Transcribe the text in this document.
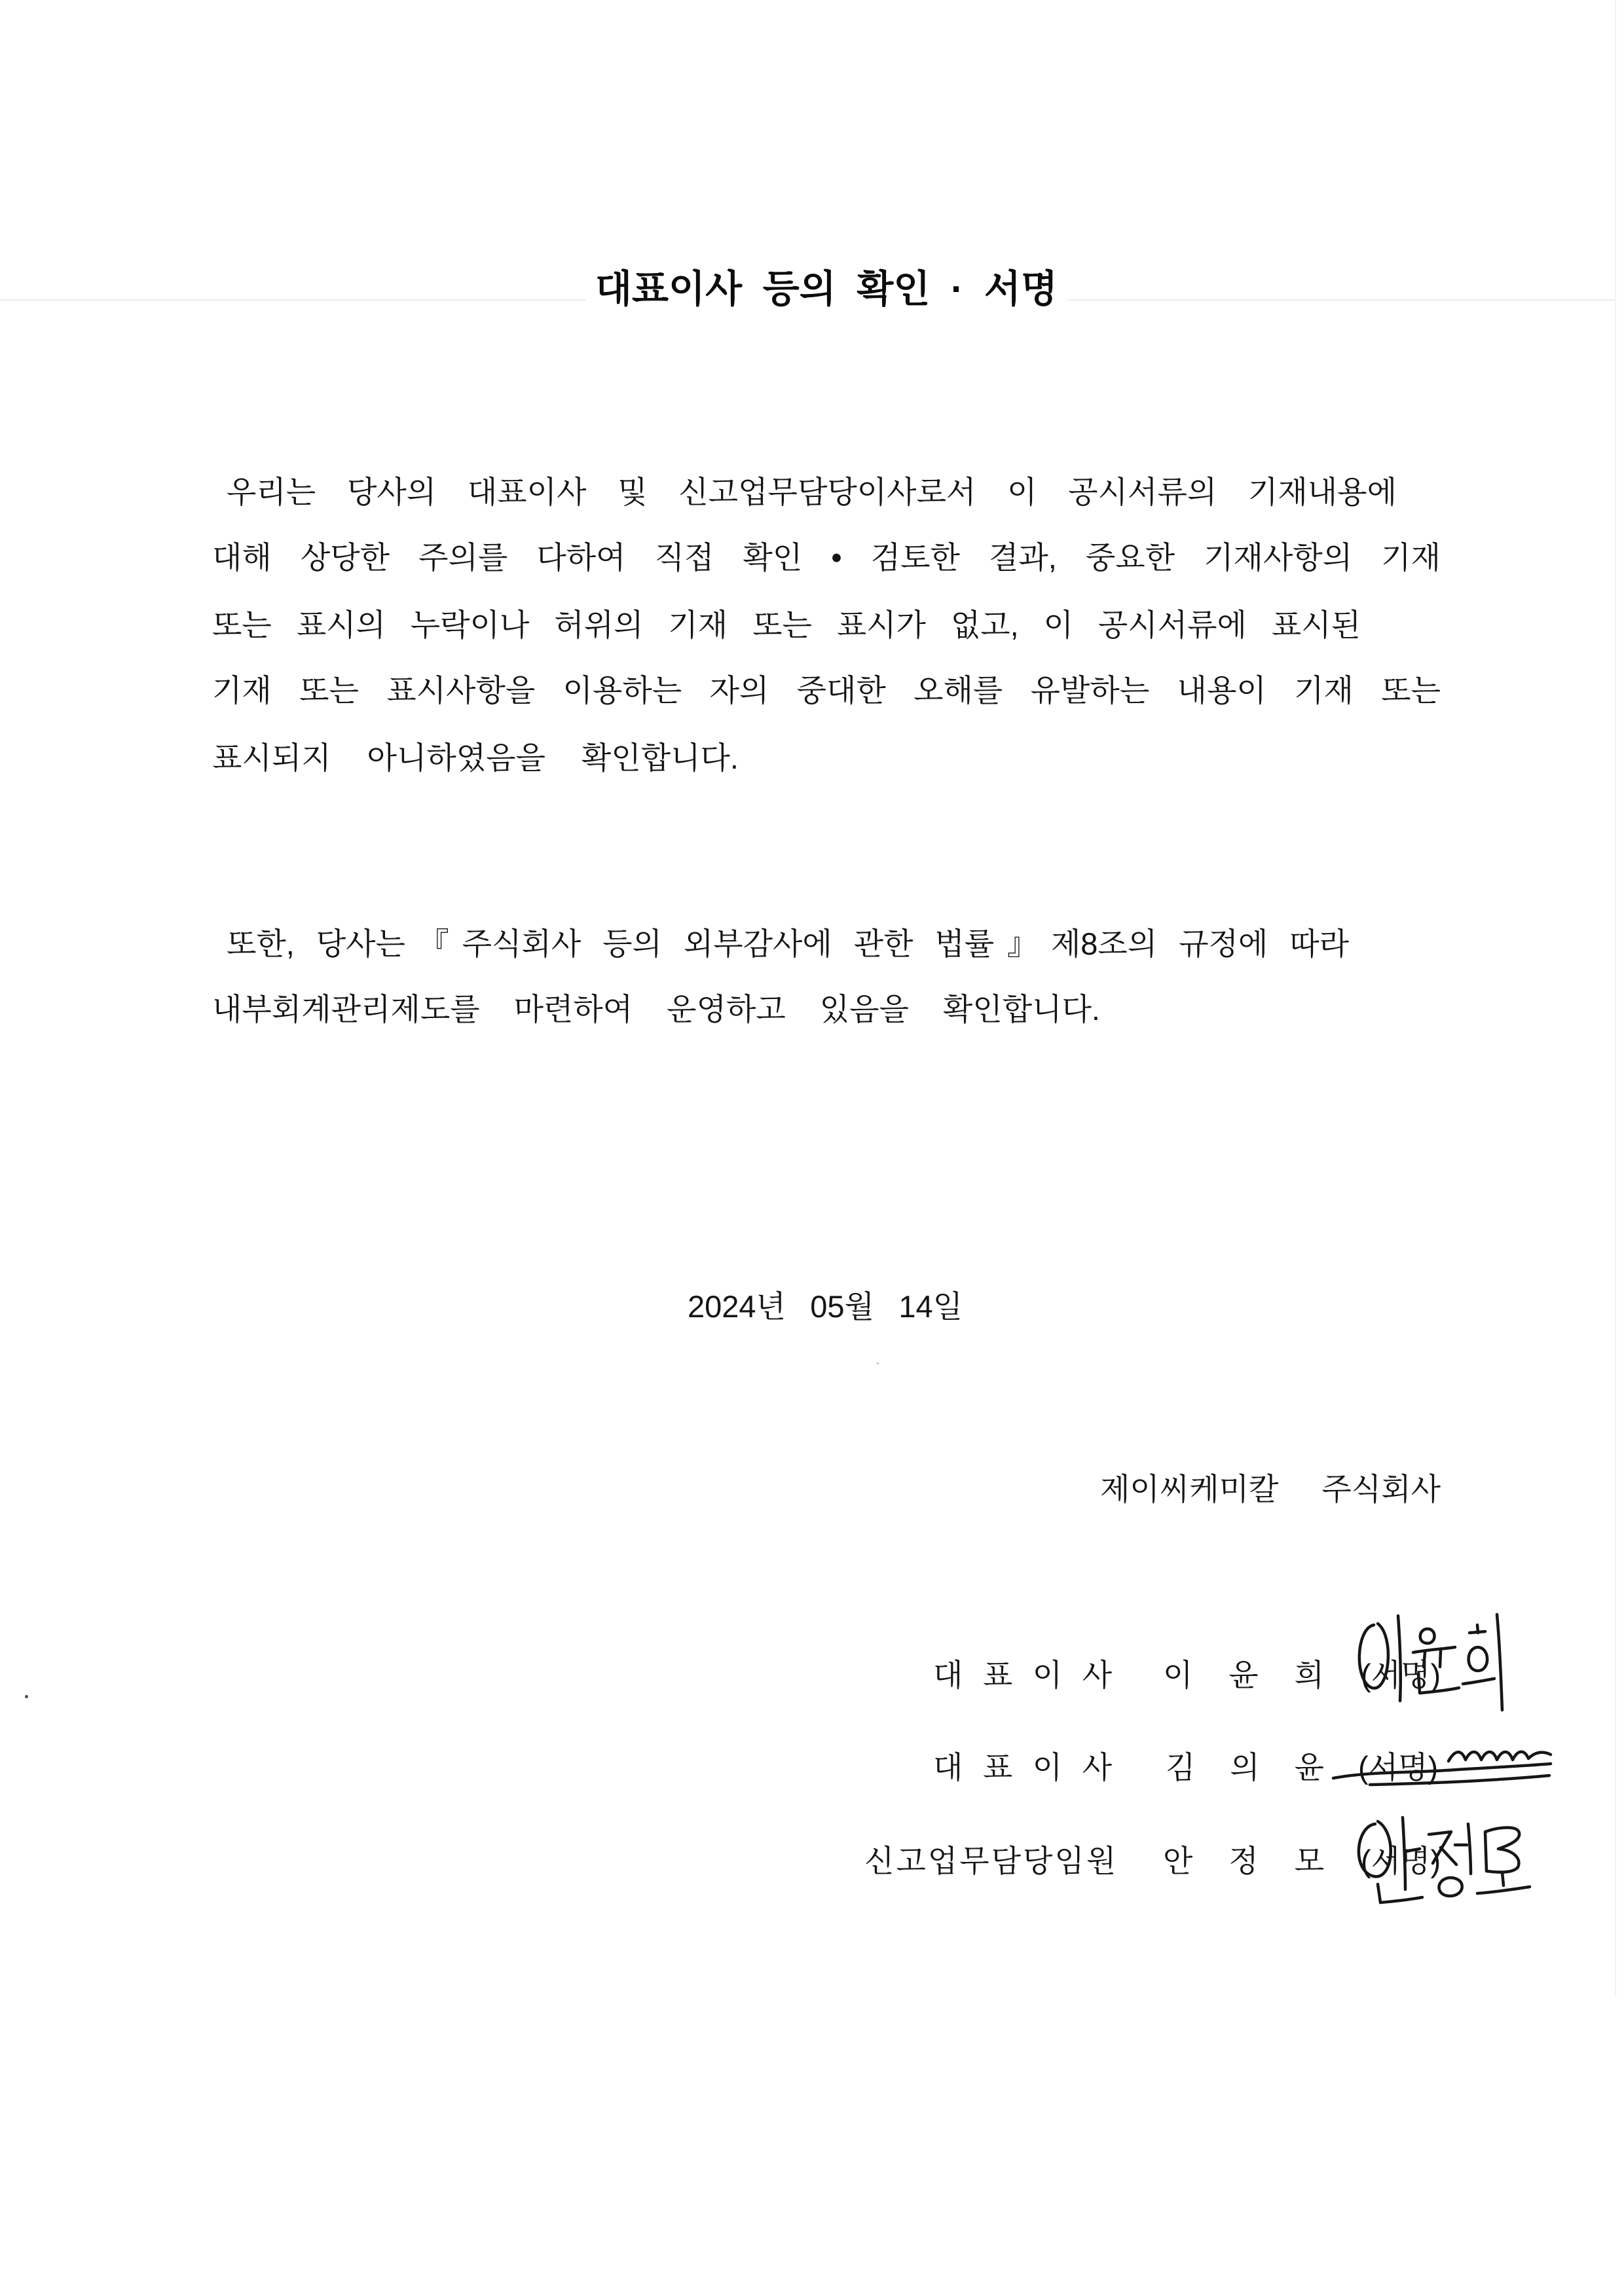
대표이사 등의 확인 · 서명

우리는 당사의 대표이사 및 신고업무담당이사로서 이 공시서류의 기재내용에

대해 상당한 주의를 다하여 직접 확인 • 검토한 결과, 중요한 기재사항의 기재

또는 표시의 누락이나 허위의 기재 또는 표시가 없고, 이 공시서류에 표시된

기재 또는 표시사항을 이용하는 자의 중대한 오해를 유발하는 내용이 기재 또는

표시되지 아니하였음을 확인합니다.

또한, 당사는『주식회사 등의 외부감사에 관한 법률』제8조의 규정에 따라

내부회계관리제도를 마련하여 운영하고 있음을 확인합니다.

2024년 05월 14일
제이씨케미칼 주식회사
대 표 이 사 이 윤 희 (서명)
대 표 이 사 김 의 윤 (서명)
신고업무담당임원	안 정 모 (서명)
